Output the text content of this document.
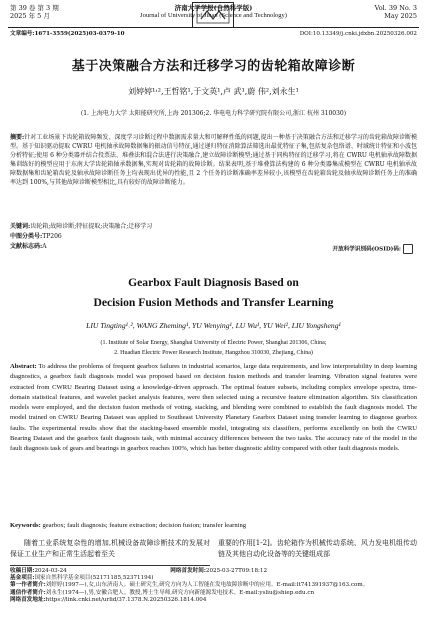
第 39 卷 第 3 期
2025 年 5 月
济南大学学报(自然科学版)
Journal of University of Jinan (Science and Technology)
Vol. 39 No. 3
May 2025
文章编号:1671-3559(2025)03-0379-10	DOI:10.13349/j.cnki.jdxbn.20250326.002
基于决策融合方法和迁移学习的齿轮箱故障诊断
刘婷婷¹˒²,王哲铭¹,于文英¹,卢 武¹,蔚 伟²,刘永生¹
(1. 上海电力大学 太阳能研究所,上海 201306;2. 华电电力科学研究院有限公司,浙江 杭州 310030)
摘要:针对工业场景下齿轮箱故障频发、深度学习诊断过程中数据需求量大和可解释性低的问题,提出一种基于决策融合方法和迁移学习的齿轮箱故障诊断模型。基于知识驱动提取 CWRU 电机轴承故障数据集的振动信号特征,通过递归特征消除算法筛选出最优特征子集,包括复杂包络谱、时域统计特征和小波包分析特征;使用 6 种分类器并结合投票法、堆叠法和混合法进行决策融合,建立故障诊断模型;通过基于同构特征的迁移学习,将在 CWRU 电机轴承故障数据集训练好的模型应用于东南大学齿轮箱轴承数据集,实现对齿轮箱的故障诊断。结果表明,基于堆叠算法构建的 6 种分类器集成模型在 CWRU 电机轴承故障数据集和齿轮箱齿轮及轴承故障诊断任务上均表现出优异的性能,且 2 个任务的诊断准确率差异较小,该模型在齿轮箱齿轮及轴承故障诊断任务上的准确率达到 100%,与其他故障诊断模型相比,具有较好的故障诊断能力。
关键词:齿轮箱;故障诊断;特征提取;决策融合;迁移学习
中图分类号:TP206
文献标志码:A	开放科学识别码(OSID)码:
Gearbox Fault Diagnosis Based on
Decision Fusion Methods and Transfer Learning
LIU Tingting¹˒², WANG Zheming¹, YU Wenying¹, LU Wu¹, YU Wei², LIU Yongsheng¹
(1. Institute of Solar Energy, Shanghai University of Electric Power, Shanghai 201306, China;
2. Huadian Electric Power Research Institute, Hangzhou 310030, Zhejiang, China)
Abstract: To address the problems of frequent gearbox failures in industrial scenarios, large data requirements, and low interpretability in deep learning diagnostics, a gearbox fault diagnosis model was proposed based on decision fusion methods and transfer learning. Vibration signal features were extracted from CWRU Bearing Dataset using a knowledge-driven approach. The optimal feature subsets, including complex envelope spectra, time-domain statistical features, and wavelet packet analysis features, were then selected using a recursive feature elimination algorithm. Six classification models were employed, and the decision fusion methods of voting, stacking, and blending were combined to establish the fault diagnosis model. The model trained on CWRU Bearing Dataset was applied to Southeast University Planetary Gearbox Dataset using transfer learning to diagnose gearbox faults. The experimental results show that the stacking-based ensemble model, integrating six classifiers, performs excellently on both the CWRU Bearing Dataset and the gearbox fault diagnosis task, with minimal accuracy differences between the two tasks. The accuracy rate of the model in the fault diagnosis task of gears and bearings in gearbox reaches 100%, which has better diagnostic ability compared with other fault diagnosis models.
Keywords: gearbox; fault diagnosis; feature extraction; decision fusion; transfer learning
随着工业系统复杂性的增加,机械设备故障诊断技术的发展对保证工业生产和正常生活起着至关
重要的作用[1-2]。齿轮箱作为机械传动系统、风力发电机组传动链及其他自动化设备等的关键组成部
收稿日期:2024-03-24	网络首发时间:2025-03-27T09:18:12
基金项目:国家自然科学基金项目(52171185,52371194)
第一作者简介:刘婷婷(1997—),女,山东济南人。硕士研究生,研究方向为人工智能在发电故障诊断中的应用。E-mail:lt741391937@163.com。
通信作者简介:刘永生(1974—),男,安徽合肥人。教授,博士生导师,研究方向新能源发电技术。E-mail:ysliu@shiep.edu.cn
网络首发地址:https://link.cnki.net/urlid/37.1378.N.20250326.1814.004
